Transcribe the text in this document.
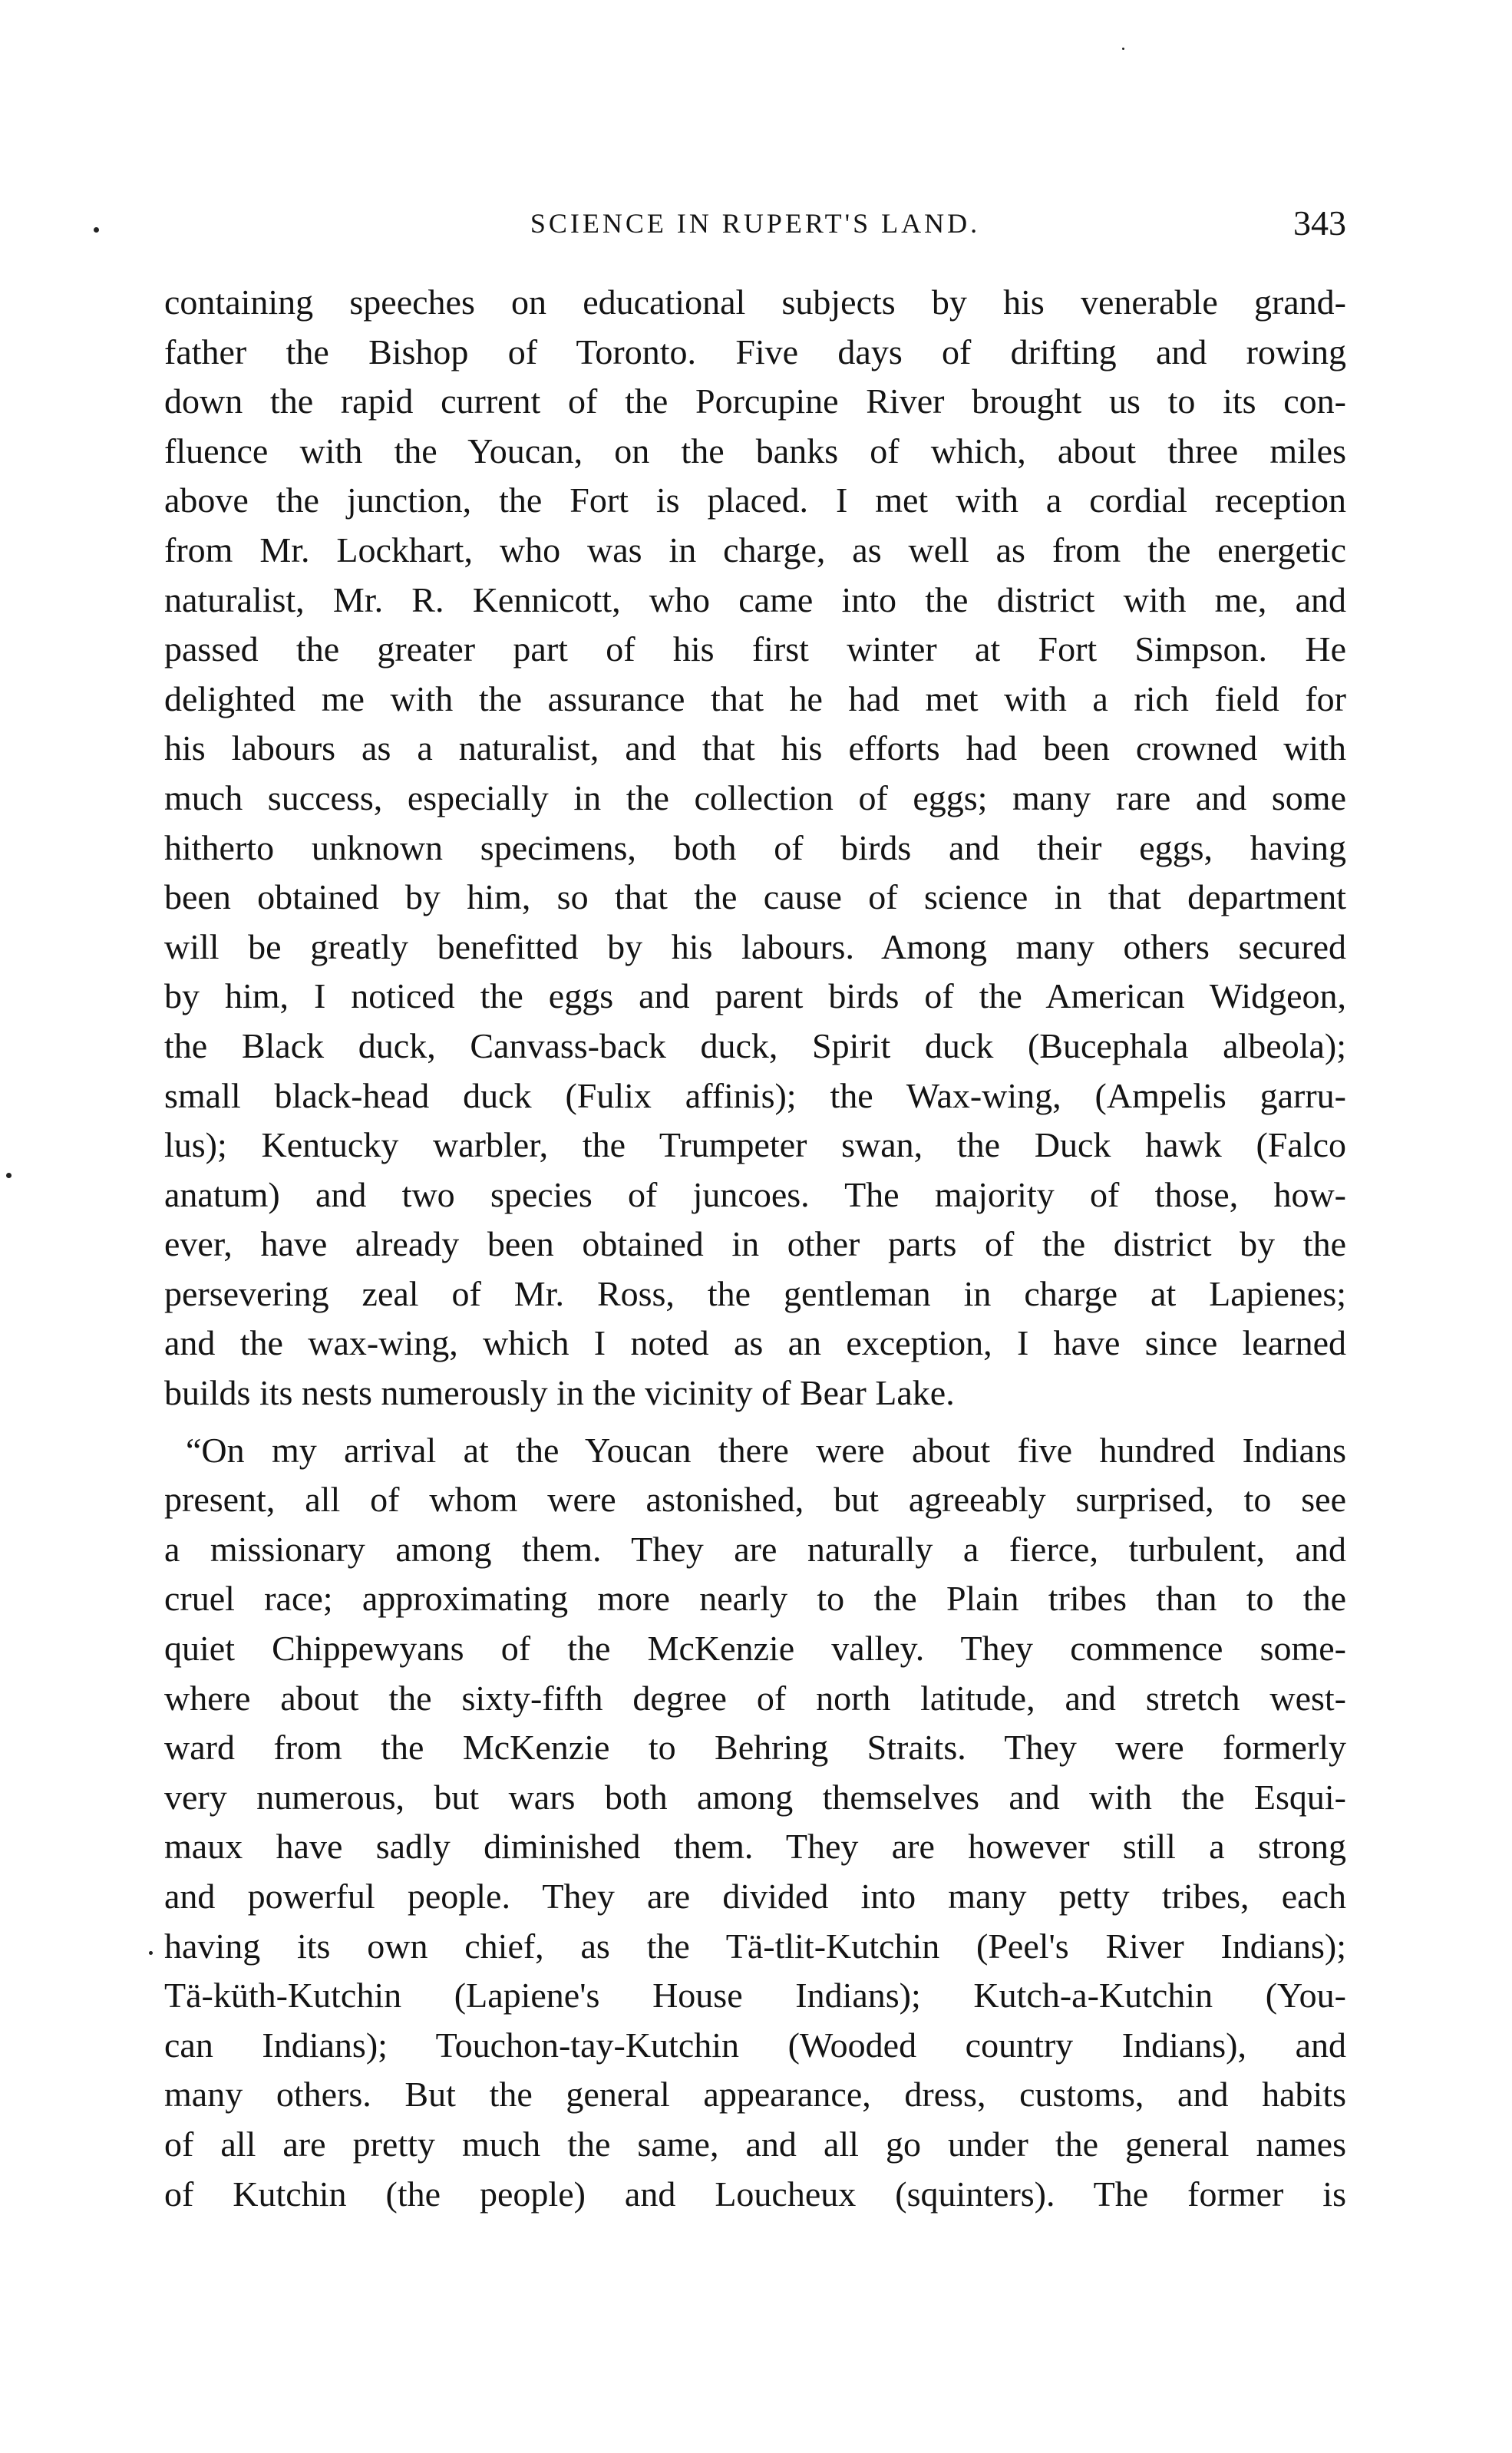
SCIENCE IN RUPERT'S LAND.	343
containing speeches on educational subjects by his venerable grand-
father the Bishop of Toronto. Five days of drifting and rowing
down the rapid current of the Porcupine River brought us to its con-
fluence with the Youcan, on the banks of which, about three miles
above the junction, the Fort is placed. I met with a cordial reception
from Mr. Lockhart, who was in charge, as well as from the energetic
naturalist, Mr. R. Kennicott, who came into the district with me, and
passed the greater part of his first winter at Fort Simpson. He
delighted me with the assurance that he had met with a rich field for
his labours as a naturalist, and that his efforts had been crowned with
much success, especially in the collection of eggs; many rare and some
hitherto unknown specimens, both of birds and their eggs, having
been obtained by him, so that the cause of science in that department
will be greatly benefitted by his labours. Among many others secured
by him, I noticed the eggs and parent birds of the American Widgeon,
the Black duck, Canvass-back duck, Spirit duck (Bucephala albeola);
small black-head duck (Fulix affinis); the Wax-wing, (Ampelis garru-
lus); Kentucky warbler, the Trumpeter swan, the Duck hawk (Falco
anatum) and two species of juncoes. The majority of those, how-
ever, have already been obtained in other parts of the district by the
persevering zeal of Mr. Ross, the gentleman in charge at Lapienes;
and the wax-wing, which I noted as an exception, I have since learned
builds its nests numerously in the vicinity of Bear Lake.
“On my arrival at the Youcan there were about five hundred Indians
present, all of whom were astonished, but agreeably surprised, to see
a missionary among them. They are naturally a fierce, turbulent, and
cruel race; approximating more nearly to the Plain tribes than to the
quiet Chippewyans of the McKenzie valley. They commence some-
where about the sixty-fifth degree of north latitude, and stretch west-
ward from the McKenzie to Behring Straits. They were formerly
very numerous, but wars both among themselves and with the Esqui-
maux have sadly diminished them. They are however still a strong
and powerful people. They are divided into many petty tribes, each
having its own chief, as the Tä-tlit-Kutchin (Peel's River Indians);
Tä-küth-Kutchin (Lapiene's House Indians); Kutch-a-Kutchin (You-
can Indians); Touchon-tay-Kutchin (Wooded country Indians), and
many others. But the general appearance, dress, customs, and habits
of all are pretty much the same, and all go under the general names
of Kutchin (the people) and Loucheux (squinters). The former is
